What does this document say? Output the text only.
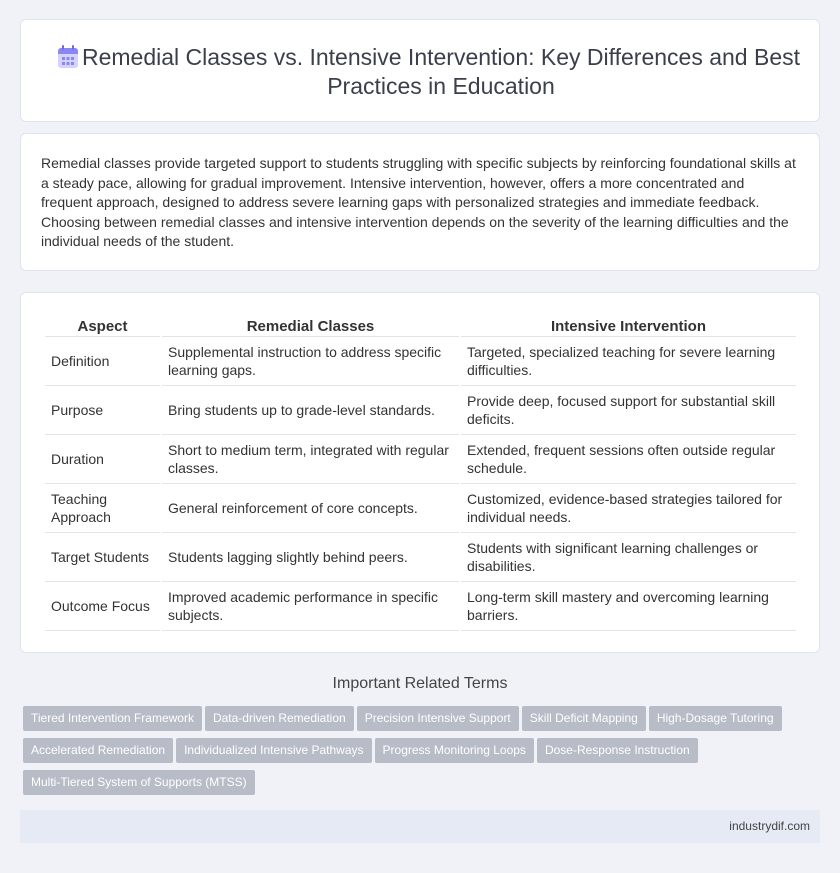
Remedial Classes vs. Intensive Intervention: Key Differences and Best Practices in Education

Remedial classes provide targeted support to students struggling with specific subjects by reinforcing foundational skills at a steady pace, allowing for gradual improvement. Intensive intervention, however, offers a more concentrated and frequent approach, designed to address severe learning gaps with personalized strategies and immediate feedback. Choosing between remedial classes and intensive intervention depends on the severity of the learning difficulties and the individual needs of the student.

Aspect	Remedial Classes	Intensive Intervention
Definition	Supplemental instruction to address specific learning gaps.	Targeted, specialized teaching for severe learning difficulties.
Purpose	Bring students up to grade-level standards.	Provide deep, focused support for substantial skill deficits.
Duration	Short to medium term, integrated with regular classes.	Extended, frequent sessions often outside regular schedule.
Teaching Approach	General reinforcement of core concepts.	Customized, evidence-based strategies tailored for individual needs.
Target Students	Students lagging slightly behind peers.	Students with significant learning challenges or disabilities.
Outcome Focus	Improved academic performance in specific subjects.	Long-term skill mastery and overcoming learning barriers.
Important Related Terms
Tiered Intervention Framework Data-driven Remediation Precision Intensive Support Skill Deficit Mapping High-Dosage Tutoring
Accelerated Remediation Individualized Intensive Pathways Progress Monitoring Loops Dose-Response Instruction
Multi-Tiered System of Supports (MTSS)
industrydif.com
